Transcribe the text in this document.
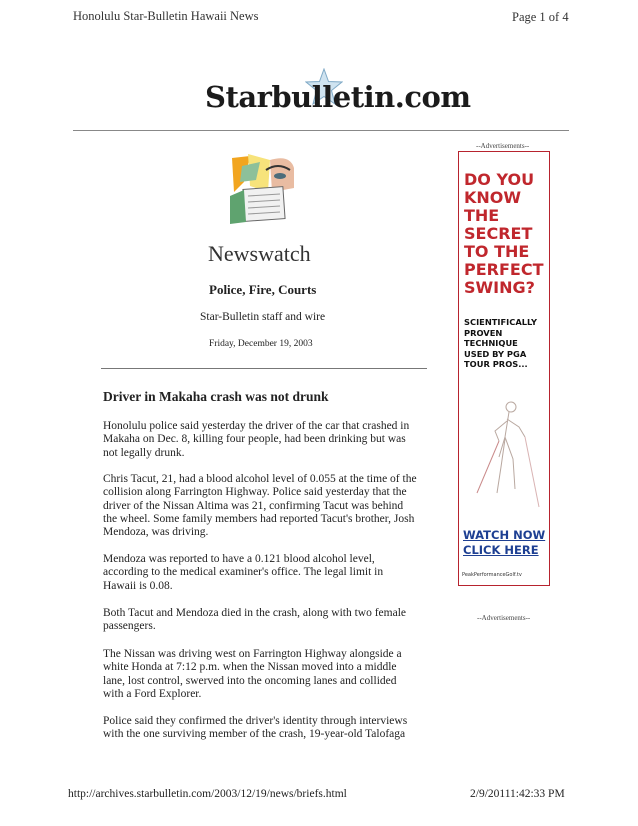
Honolulu Star-Bulletin Hawaii News	Page 1 of 4
Starbulletin.com
Newswatch
Police, Fire, Courts
Star-Bulletin staff and wire
Friday, December 19, 2003
Driver in Makaha crash was not drunk
Honolulu police said yesterday the driver of the car that crashed in
Makaha on Dec. 8, killing four people, had been drinking but was
not legally drunk.
Chris Tacut, 21, had a blood alcohol level of 0.055 at the time of the
collision along Farrington Highway. Police said yesterday that the
driver of the Nissan Altima was 21, confirming Tacut was behind
the wheel. Some family members had reported Tacut's brother, Josh
Mendoza, was driving.
Mendoza was reported to have a 0.121 blood alcohol level,
according to the medical examiner's office. The legal limit in
Hawaii is 0.08.
Both Tacut and Mendoza died in the crash, along with two female
passengers.
The Nissan was driving west on Farrington Highway alongside a
white Honda at 7:12 p.m. when the Nissan moved into a middle
lane, lost control, swerved into the oncoming lanes and collided
with a Ford Explorer.
Police said they confirmed the driver's identity through interviews
with the one surviving member of the crash, 19-year-old Talofaga
--Advertisements--
DO YOU
KNOW
THE
SECRET
TO THE
PERFECT
SWING?
SCIENTIFICALLY
PROVEN
TECHNIQUE
USED BY PGA
TOUR PROS...
WATCH NOW
CLICK HERE
PeakPerformanceGolf.tv
--Advertisements--
http://archives.starbulletin.com/2003/12/19/news/briefs.html	2/9/20111:42:33 PM
